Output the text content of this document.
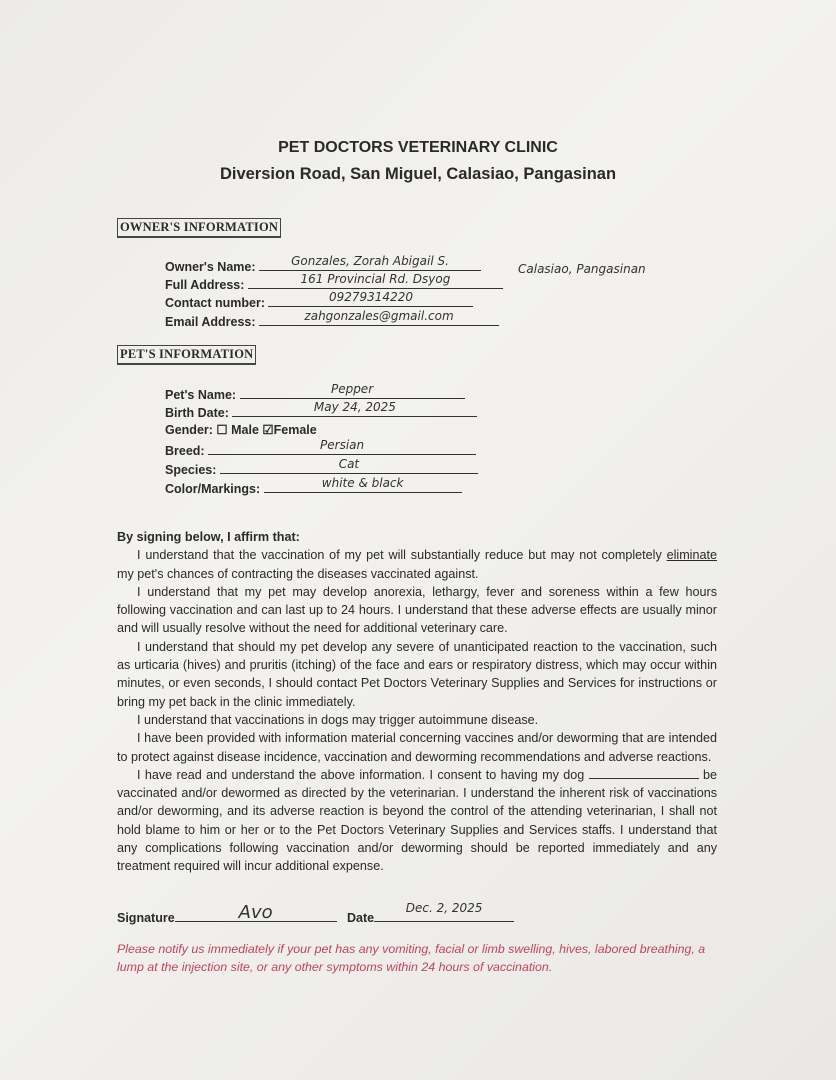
PET DOCTORS VETERINARY CLINIC
Diversion Road, San Miguel, Calasiao, Pangasinan
OWNER'S INFORMATION
Owner's Name:	Gonzales, Zorah Abigail S.
Full Address:	161 Provincial Rd. Dsyog
Calasiao, Pangasinan
Contact number:	09279314220
Email Address:	zahgonzales@gmail.com
PET'S INFORMATION
Pet's Name:	Pepper
Birth Date:	May 24, 2025
Gender: ☐ Male ☑Female
Breed:	Persian
Species:	Cat
Color/Markings:	white & black

By signing below, I affirm that:

I understand that the vaccination of my pet will substantially reduce but may not completely eliminate my pet's chances of contracting the diseases vaccinated against.

I understand that my pet may develop anorexia, lethargy, fever and soreness within a few hours following vaccination and can last up to 24 hours. I understand that these adverse effects are usually minor and will usually resolve without the need for additional veterinary care.

I understand that should my pet develop any severe of unanticipated reaction to the vaccination, such as urticaria (hives) and pruritis (itching) of the face and ears or respiratory distress, which may occur within minutes, or even seconds, I should contact Pet Doctors Veterinary Supplies and Services for instructions or bring my pet back in the clinic immediately.

I understand that vaccinations in dogs may trigger autoimmune disease.

I have been provided with information material concerning vaccines and/or deworming that are intended to protect against disease incidence, vaccination and deworming recommendations and adverse reactions.

I have read and understand the above information. I consent to having my dog	be vaccinated and/or dewormed as directed by the veterinarian. I understand the inherent risk of vaccinations and/or deworming, and its adverse reaction is beyond the control of the attending veterinarian, I shall not hold blame to him or her or to the Pet Doctors Veterinary Supplies and Services staffs. I understand that any complications following vaccination and/or deworming should be reported immediately and any treatment required will incur additional expense.

Signature	Avo	Date
Dec. 2, 2025
Please notify us immediately if your pet has any vomiting, facial or limb swelling, hives, labored breathing, a lump at the injection site, or any other symptoms within 24 hours of vaccination.
